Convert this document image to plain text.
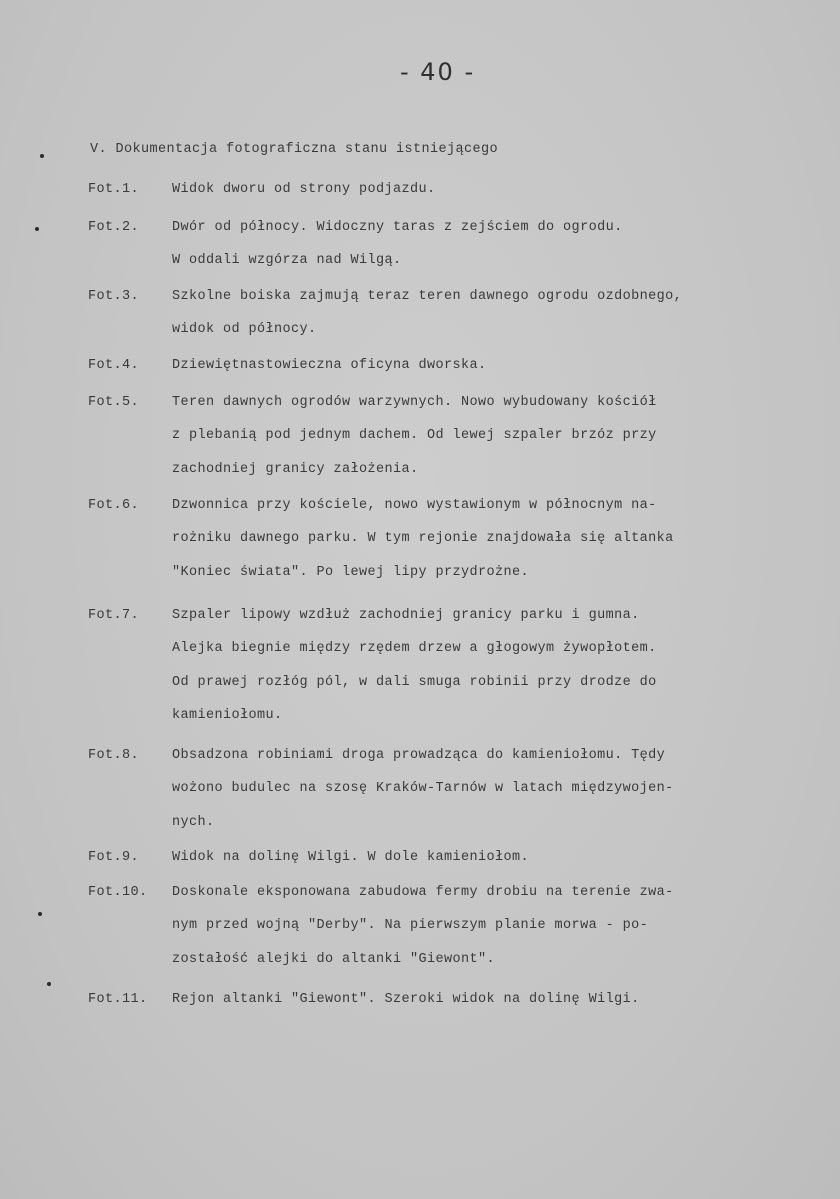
- 40 -
V. Dokumentacja fotograficzna stanu istniejącego
Fot.1. Widok dworu od strony podjazdu.
Fot.2. Dwór od północy. Widoczny taras z zejściem do ogrodu.
W oddali wzgórza nad Wilgą.
Fot.3. Szkolne boiska zajmują teraz teren dawnego ogrodu ozdobnego,
widok od północy.
Fot.4. Dziewiętnastowieczna oficyna dworska.
Fot.5. Teren dawnych ogrodów warzywnych. Nowo wybudowany kościół
z plebanią pod jednym dachem. Od lewej szpaler brzóz przy
zachodniej granicy założenia.
Fot.6. Dzwonnica przy kościele, nowo wystawionym w północnym na-
rożniku dawnego parku. W tym rejonie znajdowała się altanka
"Koniec świata". Po lewej lipy przydrożne.
Fot.7. Szpaler lipowy wzdłuż zachodniej granicy parku i gumna.
Alejka biegnie między rzędem drzew a głogowym żywopłotem.
Od prawej rozłóg pól, w dali smuga robinii przy drodze do
kamieniołomu.
Fot.8. Obsadzona robiniami droga prowadząca do kamieniołomu. Tędy
wożono budulec na szosę Kraków-Tarnów w latach międzywojen-
nych.
Fot.9. Widok na dolinę Wilgi. W dole kamieniołom.
Fot.10. Doskonale eksponowana zabudowa fermy drobiu na terenie zwa-
nym przed wojną "Derby". Na pierwszym planie morwa - po-
zostałość alejki do altanki "Giewont".
Fot.11. Rejon altanki "Giewont". Szeroki widok na dolinę Wilgi.
